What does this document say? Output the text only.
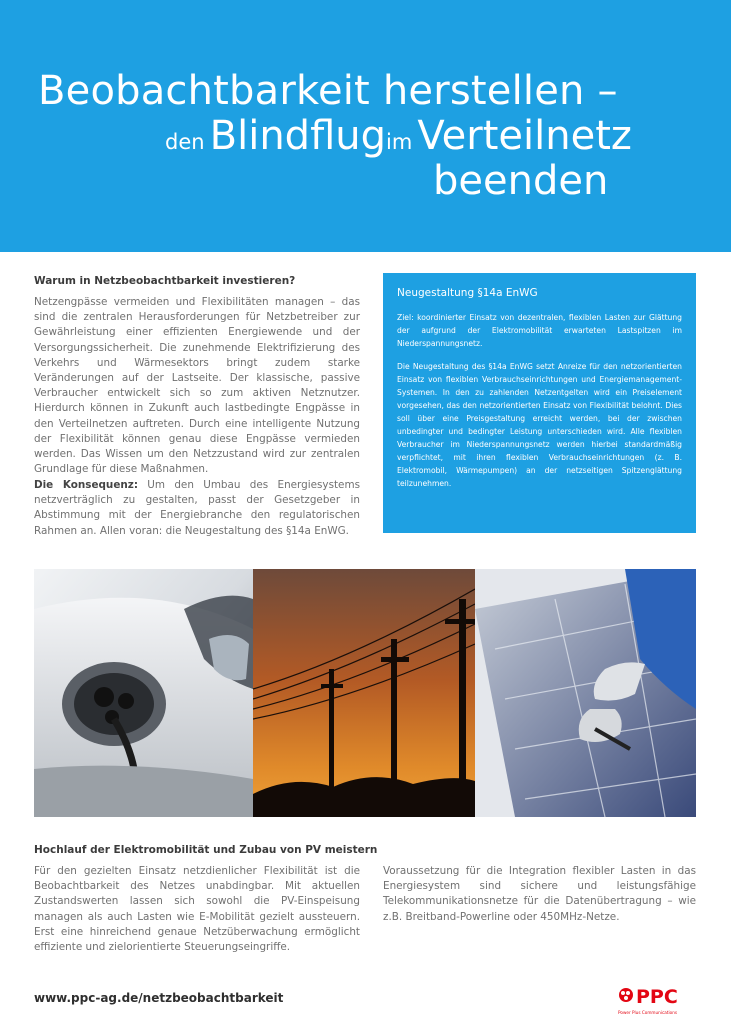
Beobachtbarkeit herstellen –
den Blindflugim Verteilnetz
beenden
Warum in Netzbeobachtbarkeit investieren?

Netzengpässe vermeiden und Flexibilitäten managen – das sind die zentralen Herausforderungen für Netzbetreiber zur Gewährleistung einer effizienten Energiewende und der Versorgungssicherheit. Die zunehmende Elektrifizierung des Verkehrs und Wärmesektors bringt zudem starke Veränderungen auf der Lastseite. Der klassische, passive Verbraucher entwickelt sich so zum aktiven Netznutzer. Hierdurch können in Zukunft auch lastbedingte Engpässe in den Verteilnetzen auftreten. Durch eine intelligente Nutzung der Flexibilität können genau diese Engpässe vermieden werden. Das Wissen um den Netzzustand wird zur zentralen Grundlage für diese Maßnahmen.

Die Konsequenz: Um den Umbau des Energiesystems netzverträglich zu gestalten, passt der Gesetzgeber in Abstimmung mit der Energiebranche den regulatorischen Rahmen an. Allen voran: die Neugestaltung des §14a EnWG.

Neugestaltung §14a EnWG

Ziel: koordinierter Einsatz von dezentralen, flexiblen Lasten zur Glättung der aufgrund der Elektromobilität erwarteten Lastspitzen im Niederspannungsnetz.

Die Neugestaltung des §14a EnWG setzt Anreize für den netzorientierten Einsatz von flexiblen Verbrauchseinrichtungen und Energiemanagement-Systemen. In den zu zahlenden Netzentgelten wird ein Preiselement vorgesehen, das den netzorientierten Einsatz von Flexibilität belohnt. Dies soll über eine Preisgestaltung erreicht werden, bei der zwischen unbedingter und bedingter Leistung unterschieden wird. Alle flexiblen Verbraucher im Niederspannungsnetz werden hierbei standardmäßig verpflichtet, mit ihren flexiblen Verbrauchseinrichtungen (z. B. Elektromobil, Wärmepumpen) an der netzseitigen Spitzenglättung teilzunehmen.

Hochlauf der Elektromobilität und Zubau von PV meistern

Für den gezielten Einsatz netzdienlicher Flexibilität ist die Beobachtbarkeit des Netzes unabdingbar. Mit aktuellen Zustandswerten lassen sich sowohl die PV-Einspeisung managen als auch Lasten wie E-Mobilität gezielt aussteuern. Erst eine hinreichend genaue Netzüberwachung ermöglicht effiziente und zielorientierte Steuerungseingriffe.

Voraussetzung für die Integration flexibler Lasten in das Energiesystem sind sichere und leistungsfähige Telekommunikationsnetze für die Datenübertragung – wie z.B. Breitband-Powerline oder 450MHz-Netze.

www.ppc-ag.de/netzbeobachtbarkeit	PPC
Power Plus Communications
